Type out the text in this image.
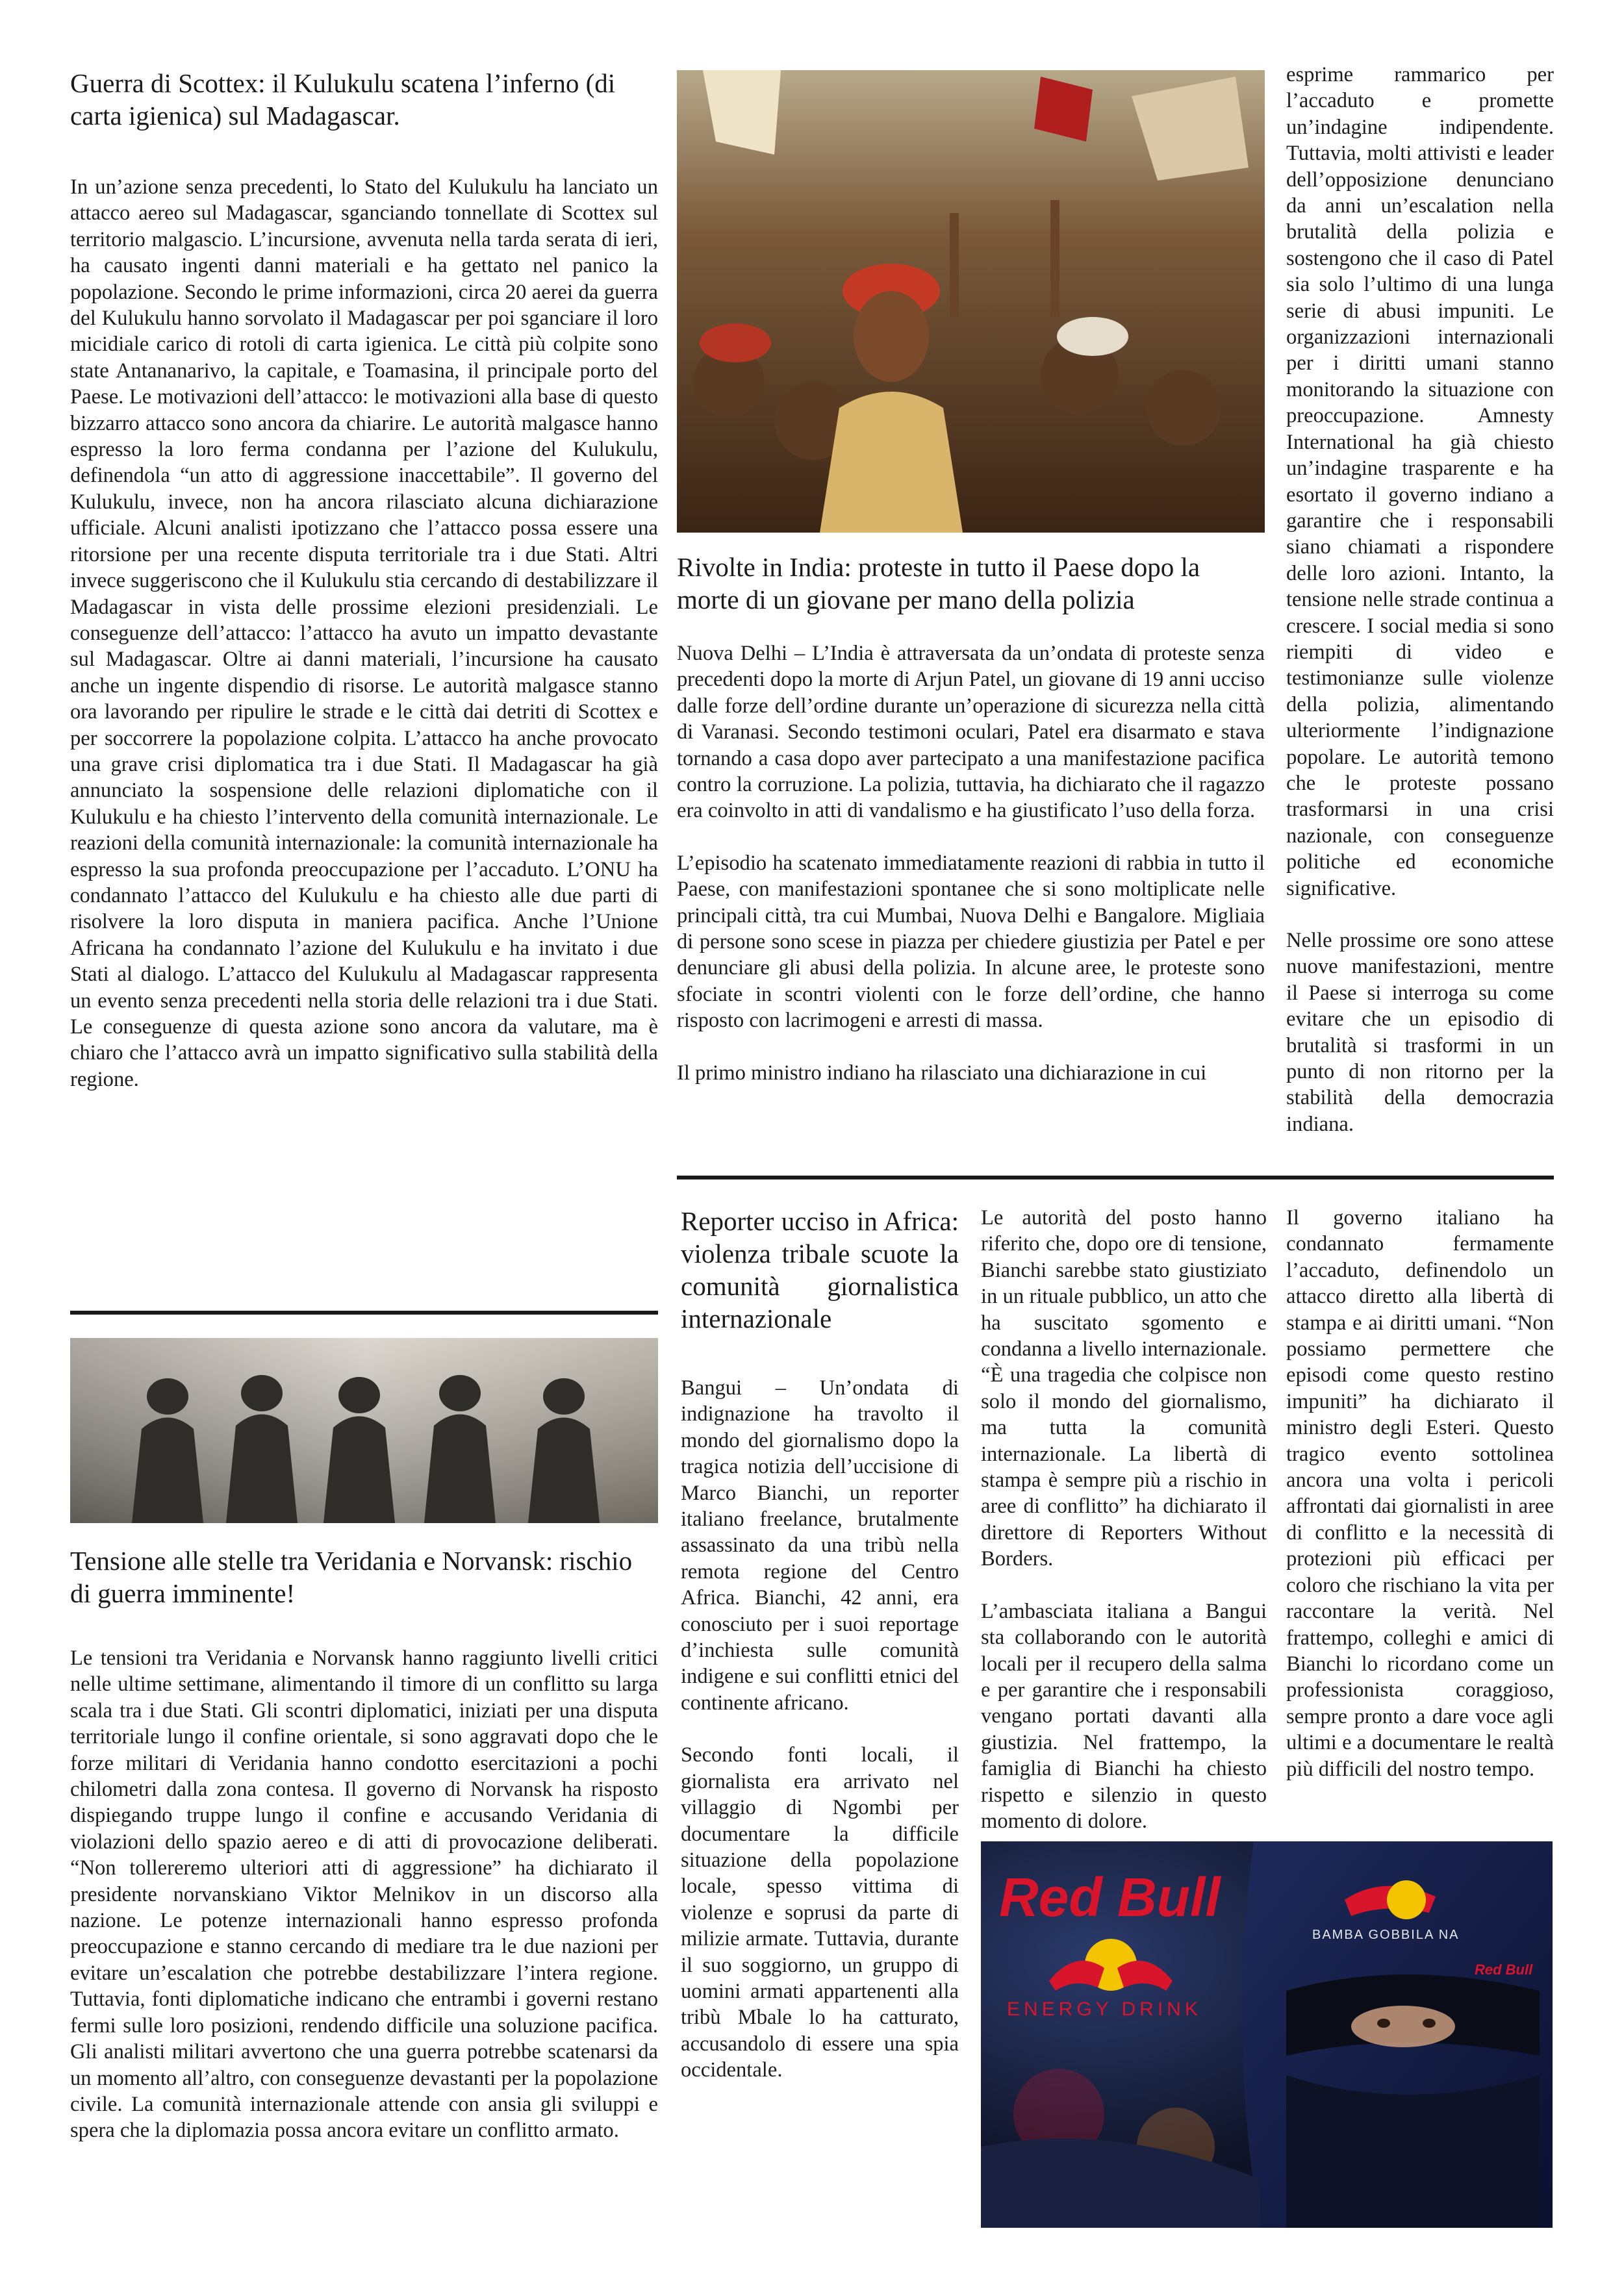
Guerra di Scottex: il Kulukulu scatena l’inferno (di carta igienica) sul Madagascar.

In un’azione senza precedenti, lo Stato del Kulukulu ha lanciato un attacco aereo sul Madagascar, sganciando tonnellate di Scottex sul territorio malgascio. L’incursione, avvenuta nella tarda serata di ieri, ha causato ingenti danni materiali e ha gettato nel panico la popolazione. Secondo le prime informazioni, circa 20 aerei da guerra del Kulukulu hanno sorvolato il Madagascar per poi sganciare il loro micidiale carico di rotoli di carta igienica. Le città più colpite sono state Antananarivo, la capitale, e Toamasina, il principale porto del Paese. Le motivazioni dell’attacco: le motivazioni alla base di questo bizzarro attacco sono ancora da chiarire. Le autorità malgasce hanno espresso la loro ferma condanna per l’azione del Kulukulu, definendola “un atto di aggressione inaccettabile”. Il governo del Kulukulu, invece, non ha ancora rilasciato alcuna dichiarazione ufficiale. Alcuni analisti ipotizzano che l’attacco possa essere una ritorsione per una recente disputa territoriale tra i due Stati. Altri invece suggeriscono che il Kulukulu stia cercando di destabilizzare il Madagascar in vista delle prossime elezioni presidenziali. Le conseguenze dell’attacco: l’attacco ha avuto un impatto devastante sul Madagascar. Oltre ai danni materiali, l’incursione ha causato anche un ingente dispendio di risorse. Le autorità malgasce stanno ora lavorando per ripulire le strade e le città dai detriti di Scottex e per soccorrere la popolazione colpita. L’attacco ha anche provocato una grave crisi diplomatica tra i due Stati. Il Madagascar ha già annunciato la sospensione delle relazioni diplomatiche con il Kulukulu e ha chiesto l’intervento della comunità internazionale. Le reazioni della comunità internazionale: la comunità internazionale ha espresso la sua profonda preoccupazione per l’accaduto. L’ONU ha condannato l’attacco del Kulukulu e ha chiesto alle due parti di risolvere la loro disputa in maniera pacifica. Anche l’Unione Africana ha condannato l’azione del Kulukulu e ha invitato i due Stati al dialogo. L’attacco del Kulukulu al Madagascar rappresenta un evento senza precedenti nella storia delle relazioni tra i due Stati. Le conseguenze di questa azione sono ancora da valutare, ma è chiaro che l’attacco avrà un impatto significativo sulla stabilità della regione.

Tensione alle stelle tra Veridania e Norvansk: rischio di guerra imminente!

Le tensioni tra Veridania e Norvansk hanno raggiunto livelli critici nelle ultime settimane, alimentando il timore di un conflitto su larga scala tra i due Stati. Gli scontri diplomatici, iniziati per una disputa territoriale lungo il confine orientale, si sono aggravati dopo che le forze militari di Veridania hanno condotto esercitazioni a pochi chilometri dalla zona contesa. Il governo di Norvansk ha risposto dispiegando truppe lungo il confine e accusando Veridania di violazioni dello spazio aereo e di atti di provocazione deliberati. “Non tollereremo ulteriori atti di aggressione” ha dichiarato il presidente norvanskiano Viktor Melnikov in un discorso alla nazione. Le potenze internazionali hanno espresso profonda preoccupazione e stanno cercando di mediare tra le due nazioni per evitare un’escalation che potrebbe destabilizzare l’intera regione. Tuttavia, fonti diplomatiche indicano che entrambi i governi restano fermi sulle loro posizioni, rendendo difficile una soluzione pacifica. Gli analisti militari avvertono che una guerra potrebbe scatenarsi da un momento all’altro, con conseguenze devastanti per la popolazione civile. La comunità internazionale attende con ansia gli sviluppi e spera che la diplomazia possa ancora evitare un conflitto armato.

Rivolte in India: proteste in tutto il Paese dopo la morte di un giovane per mano della polizia

Nuova Delhi – L’India è attraversata da un’ondata di proteste senza precedenti dopo la morte di Arjun Patel, un giovane di 19 anni ucciso dalle forze dell’ordine durante un’operazione di sicurezza nella città di Varanasi. Secondo testimoni oculari, Patel era disarmato e stava tornando a casa dopo aver partecipato a una manifestazione pacifica contro la corruzione. La polizia, tuttavia, ha dichiarato che il ragazzo era coinvolto in atti di vandalismo e ha giustificato l’uso della forza.

L’episodio ha scatenato immediatamente reazioni di rabbia in tutto il Paese, con manifestazioni spontanee che si sono moltiplicate nelle principali città, tra cui Mumbai, Nuova Delhi e Bangalore. Migliaia di persone sono scese in piazza per chiedere giustizia per Patel e per denunciare gli abusi della polizia. In alcune aree, le proteste sono sfociate in scontri violenti con le forze dell’ordine, che hanno risposto con lacrimogeni e arresti di massa.

Il primo ministro indiano ha rilasciato una dichiarazione in cui

esprime rammarico per l’accaduto e promette un’indagine indipendente. Tuttavia, molti attivisti e leader dell’opposizione denunciano da anni un’escalation nella brutalità della polizia e sostengono che il caso di Patel sia solo l’ultimo di una lunga serie di abusi impuniti. Le organizzazioni internazionali per i diritti umani stanno monitorando la situazione con preoccupazione. Amnesty International ha già chiesto un’indagine trasparente e ha esortato il governo indiano a garantire che i responsabili siano chiamati a rispondere delle loro azioni. Intanto, la tensione nelle strade continua a crescere. I social media si sono riempiti di video e testimonianze sulle violenze della polizia, alimentando ulteriormente l’indignazione popolare. Le autorità temono che le proteste possano trasformarsi in una crisi nazionale, con conseguenze politiche ed economiche significative.

Nelle prossime ore sono attese nuove manifestazioni, mentre il Paese si interroga su come evitare che un episodio di brutalità si trasformi in un punto di non ritorno per la stabilità della democrazia indiana.

Reporter ucciso in Africa: violenza tribale scuote la comunità giornalistica internazionale

Bangui – Un’ondata di indignazione ha travolto il mondo del giornalismo dopo la tragica notizia dell’uccisione di Marco Bianchi, un reporter italiano freelance, brutalmente assassinato da una tribù nella remota regione del Centro Africa. Bianchi, 42 anni, era conosciuto per i suoi reportage d’inchiesta sulle comunità indigene e sui conflitti etnici del continente africano.

Secondo fonti locali, il giornalista era arrivato nel villaggio di Ngombi per documentare la difficile situazione della popolazione locale, spesso vittima di violenze e soprusi da parte di milizie armate. Tuttavia, durante il suo soggiorno, un gruppo di uomini armati appartenenti alla tribù Mbale lo ha catturato, accusandolo di essere una spia occidentale.

Le autorità del posto hanno riferito che, dopo ore di tensione, Bianchi sarebbe stato giustiziato in un rituale pubblico, un atto che ha suscitato sgomento e condanna a livello internazionale. “È una tragedia che colpisce non solo il mondo del giornalismo, ma tutta la comunità internazionale. La libertà di stampa è sempre più a rischio in aree di conflitto” ha dichiarato il direttore di Reporters Without Borders.

L’ambasciata italiana a Bangui sta collaborando con le autorità locali per il recupero della salma e per garantire che i responsabili vengano portati davanti alla giustizia. Nel frattempo, la famiglia di Bianchi ha chiesto rispetto e silenzio in questo momento di dolore.

Il governo italiano ha condannato fermamente l’accaduto, definendolo un attacco diretto alla libertà di stampa e ai diritti umani. “Non possiamo permettere che episodi come questo restino impuniti” ha dichiarato il ministro degli Esteri. Questo tragico evento sottolinea ancora una volta i pericoli affrontati dai giornalisti in aree di conflitto e la necessità di protezioni più efficaci per coloro che rischiano la vita per raccontare la verità. Nel frattempo, colleghi e amici di Bianchi lo ricordano come un professionista coraggioso, sempre pronto a dare voce agli ultimi e a documentare le realtà più difficili del nostro tempo.

BAMBA GOBBILA NA
Red Bull
Red Bull
ENERGY DRINK
